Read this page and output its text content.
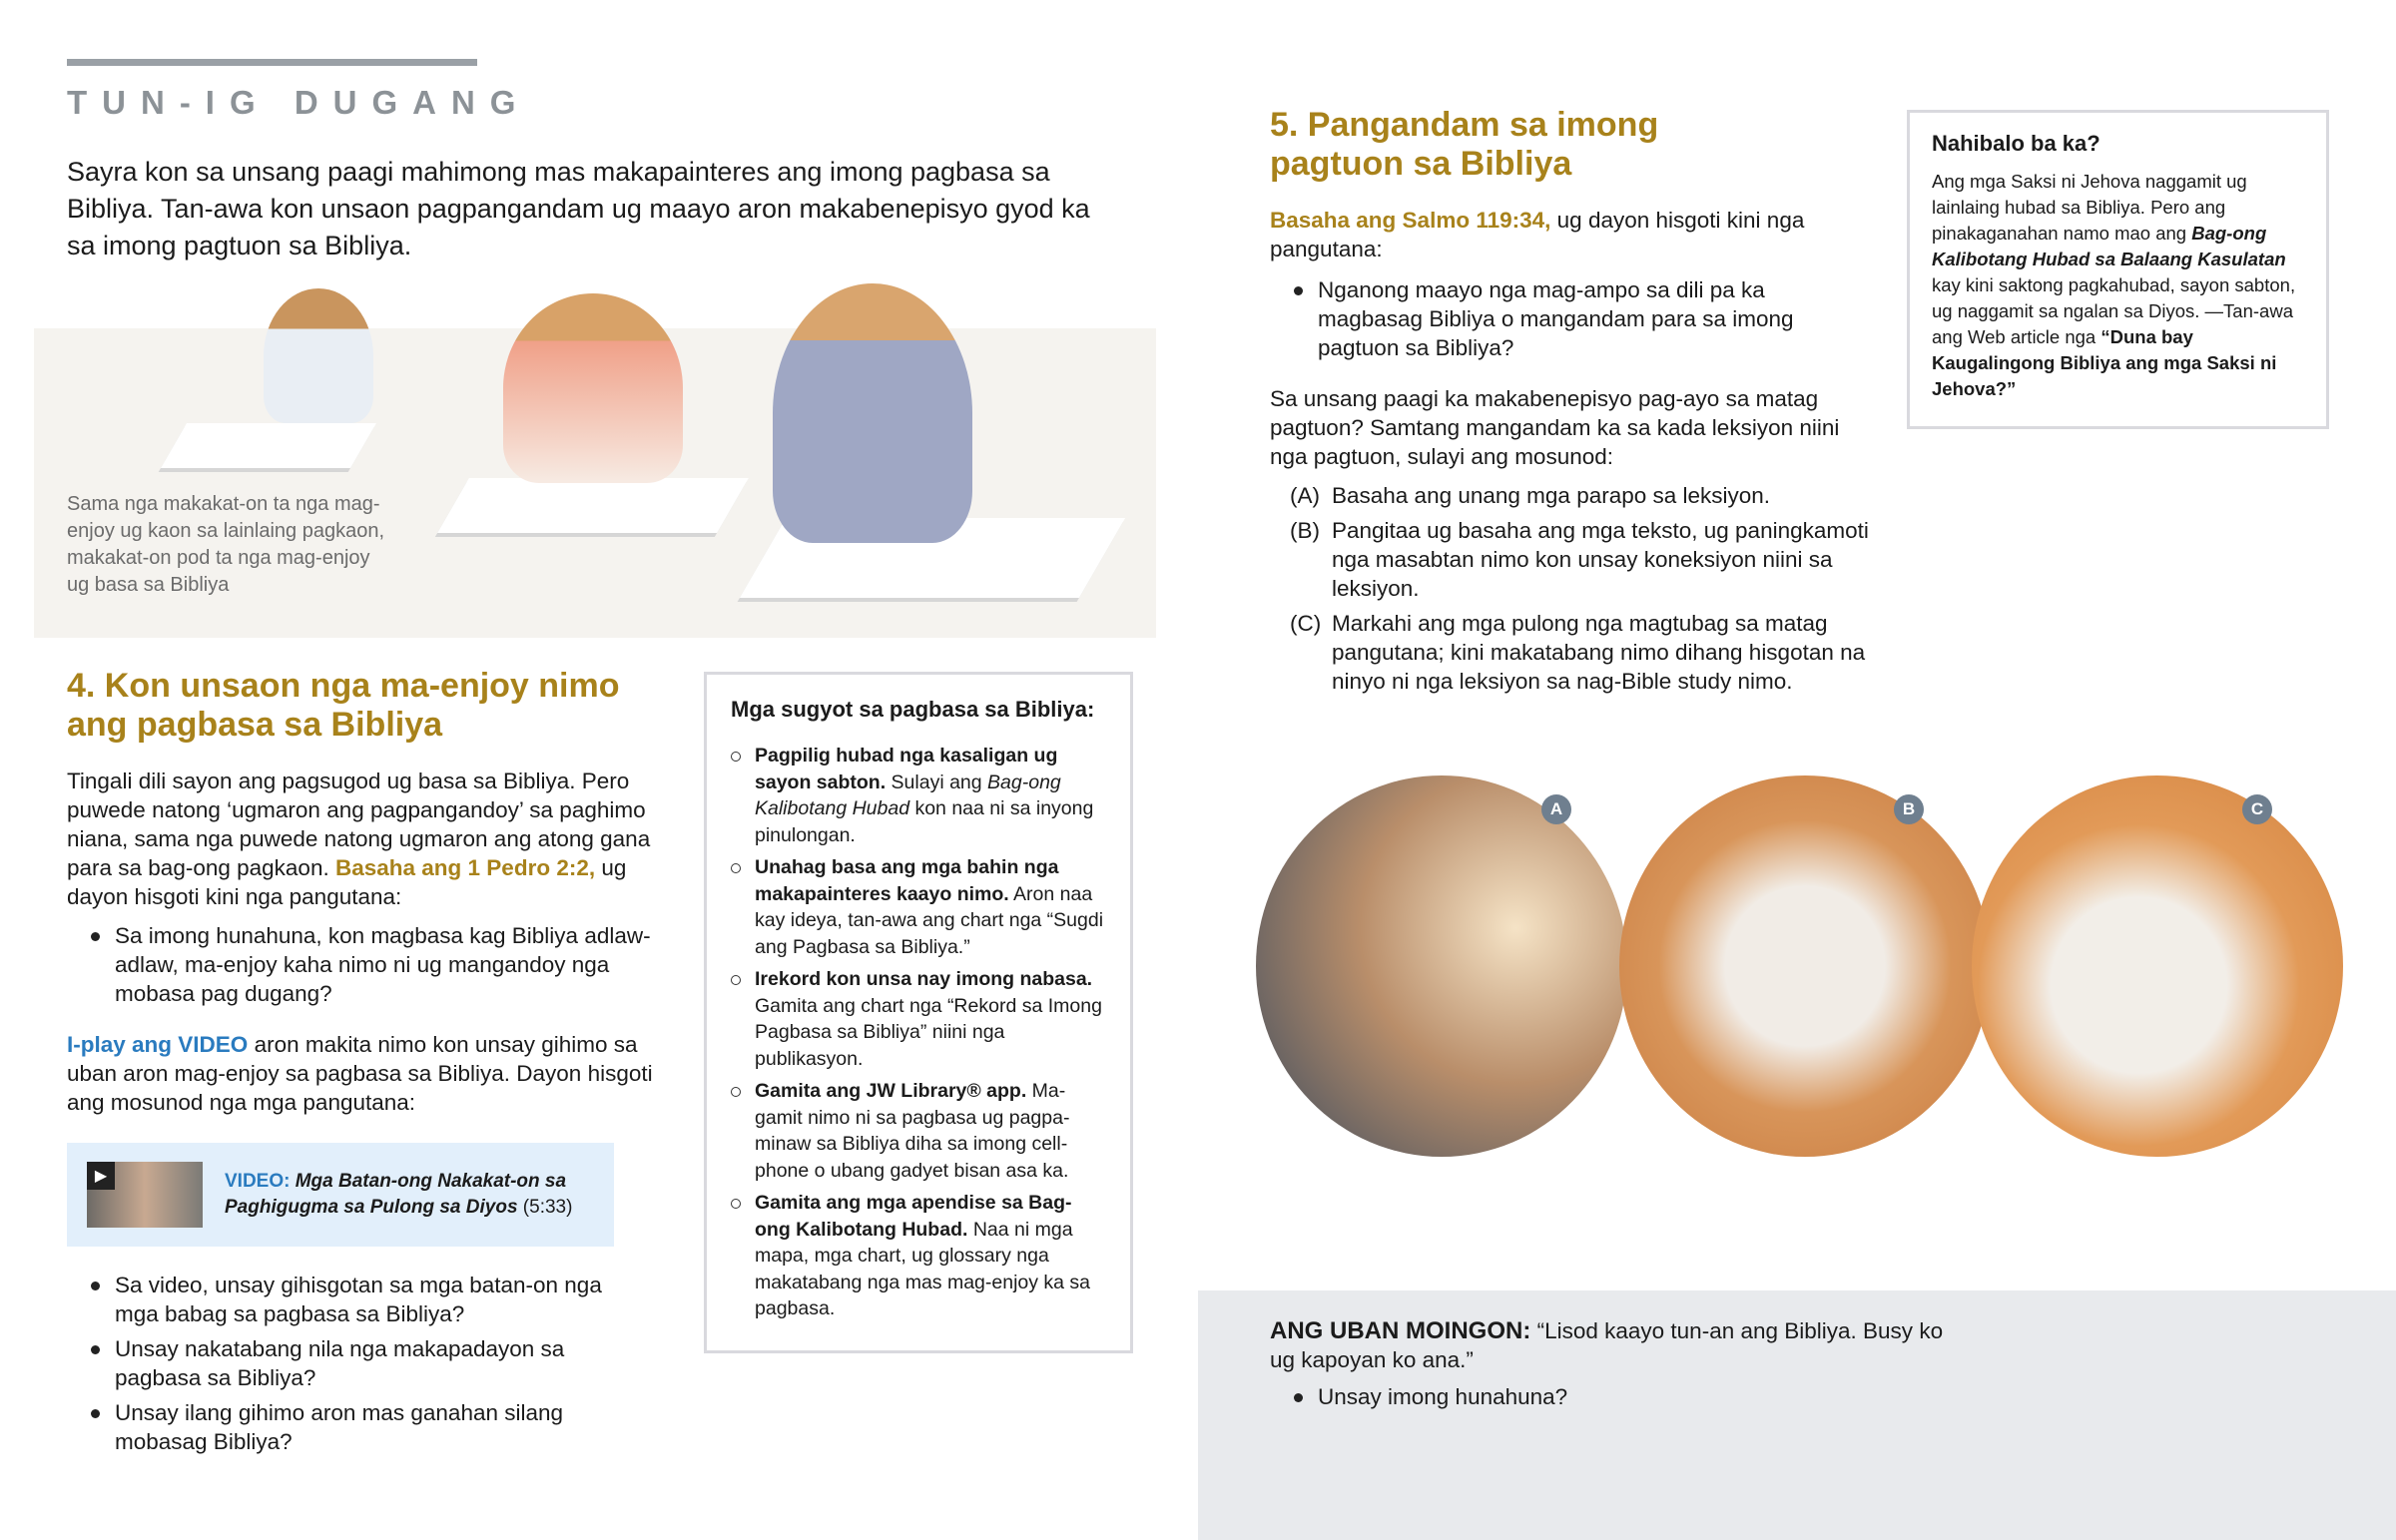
TUN-IG DUGANG

Sayra kon sa unsang paagi mahimong mas makapainteres ang imong pagbasa sa Bibliya. Tan-awa kon unsaon pagpangandam ug maayo aron makabenepisyo gyod ka sa imong pagtuon sa Bibliya.

Sama nga makakat-on ta nga mag-enjoy ug kaon sa lainlaing pagkaon, makakat-on pod ta nga mag-enjoy ug basa sa Bibliya

4. Kon unsaon nga ma-enjoy nimo ang pagbasa sa Bibliya

Tingali dili sayon ang pagsugod ug basa sa Bibliya. Pero puwede natong ‘ugmaron ang pagpangandoy’ sa paghimo niana, sama nga puwede natong ugmaron ang atong gana para sa bag-ong pagkaon. Basaha ang 1 Pedro 2:2, ug dayon hisgoti kini nga pangutana:

Sa imong hunahuna, kon magbasa kag Bibliya adlaw-adlaw, ma-enjoy kaha nimo ni ug mangandoy nga mobasa pag dugang?

I-play ang VIDEO aron makita nimo kon unsay gihimo sa uban aron mag-enjoy sa pagbasa sa Bibliya. Dayon hisgoti ang mosunod nga mga pangutana:

▶	VIDEO: Mga Batan-ong Nakakat-on sa Paghigugma sa Pulong sa Diyos (5:33)

Sa video, unsay gihisgotan sa mga batan-on nga mga babag sa pagbasa sa Bibliya?

Unsay nakatabang nila nga makapadayon sa pagbasa sa Bibliya?

Unsay ilang gihimo aron mas ganahan silang mobasag Bibliya?

Mga sugyot sa pagbasa sa Bibliya:
Pagpilig hubad nga kasaligan ug sayon sabton. Sulayi ang Bag-ong Kalibotang Hubad kon naa ni sa inyong pinulongan.
Unahag basa ang mga bahin nga makapainteres kaayo nimo. Aron naa kay ideya, tan-awa ang chart nga “Sugdi ang Pagbasa sa Bibliya.”
Irekord kon unsa nay imong nabasa. Gamita ang chart nga “Rekord sa Imong Pagbasa sa Bibliya” niini nga publikasyon.
Gamita ang JW Library® app. Magamit nimo ni sa pagbasa ug pagpaminaw sa Bibliya diha sa imong cellphone o ubang gadyet bisan asa ka.
Gamita ang mga apendise sa Bag-ong Kalibotang Hubad. Naa ni mga mapa, mga chart, ug glossary nga makatabang nga mas mag-enjoy ka sa pagbasa.
5. Pangandam sa imong pagtuon sa Bibliya

Basaha ang Salmo 119:34, ug dayon hisgoti kini nga pangutana:

Nganong maayo nga mag-ampo sa dili pa ka magbasag Bibliya o mangandam para sa imong pagtuon sa Bibliya?

Sa unsang paagi ka makabenepisyo pag-ayo sa matag pagtuon? Samtang mangandam ka sa kada leksiyon niini nga pagtuon, sulayi ang mosunod:

(A) Basaha ang unang mga parapo sa leksiyon.
(B) Pangitaa ug basaha ang mga teksto, ug paningkamoti nga masabtan nimo kon unsay koneksiyon niini sa leksiyon.
(C) Markahi ang mga pulong nga magtubag sa matag pangutana; kini makatabang nimo dihang hisgotan na ninyo ni nga leksiyon sa nag-Bible study nimo.
Nahibalo ba ka?

Ang mga Saksi ni Jehova naggamit ug lainlaing hubad sa Bibliya. Pero ang pinakaganahan namo mao ang Bag-ong Kalibotang Hubad sa Balaang Kasulatan kay kini saktong pagkahubad, sayon sabton, ug naggamit sa ngalan sa Diyos. —Tan-awa ang Web article nga “Duna bay Kaugalingong Bibliya ang mga Saksi ni Jehova?”

A	B	C

ANG UBAN MOINGON: “Lisod kaayo tun-an ang Bibliya. Busy ko ug kapoyan ko ana.”

Unsay imong hunahuna?
